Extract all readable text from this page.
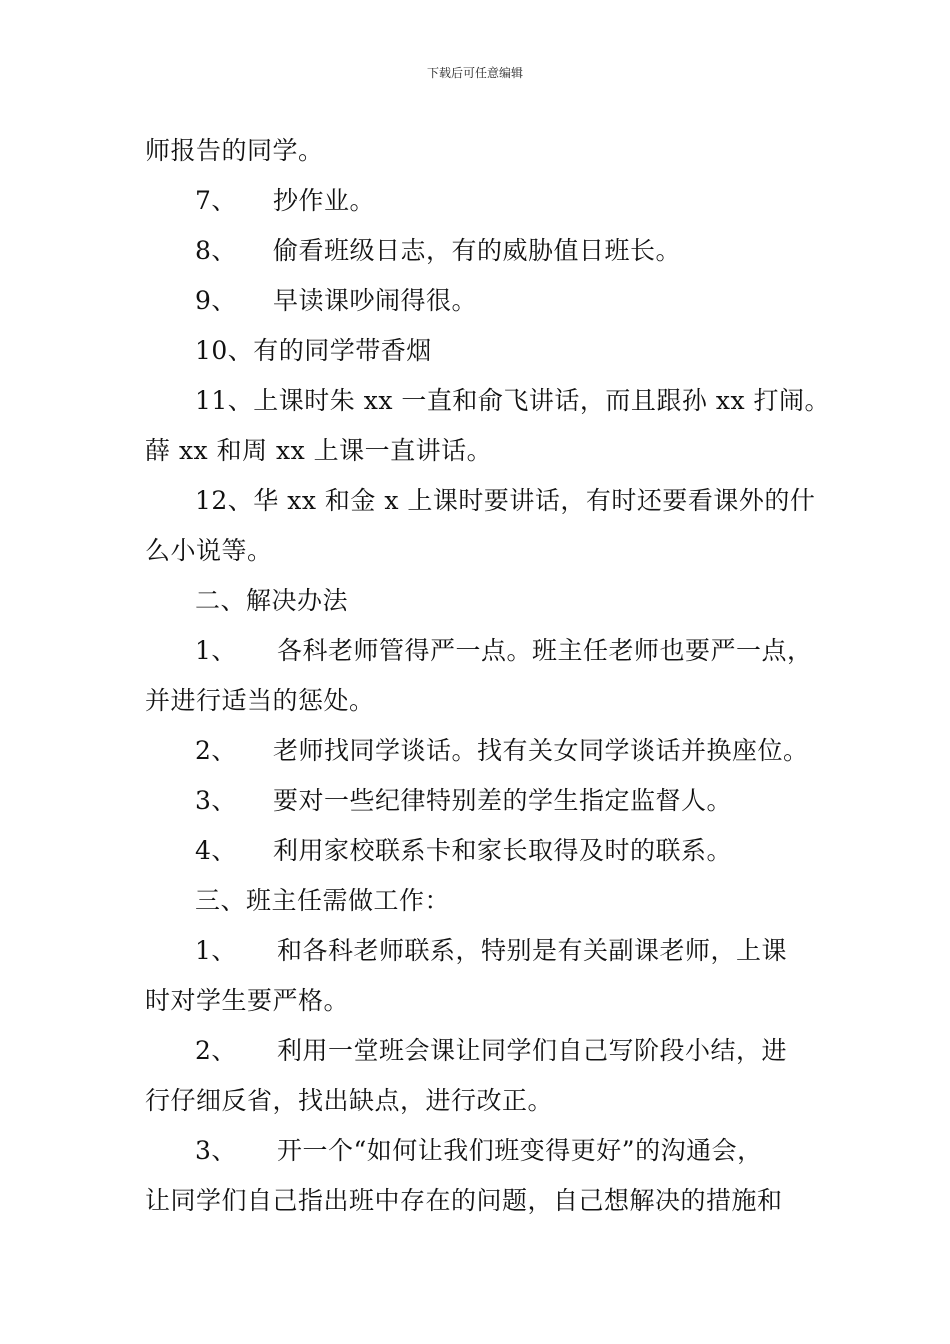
下载后可任意编辑
师报告的同学。
7、 抄作业。
8、 偷看班级日志，有的威胁值日班长。
9、 早读课吵闹得很。
10、有的同学带香烟
11、上课时朱 xx 一直和俞飞讲话，而且跟孙 xx 打闹。
薛 xx 和周 xx 上课一直讲话。
12、华 xx 和金 x 上课时要讲话，有时还要看课外的什
么小说等。
二、解决办法
1、 各科老师管得严一点。班主任老师也要严一点，
并进行适当的惩处。
2、 老师找同学谈话。找有关女同学谈话并换座位。
3、 要对一些纪律特别差的学生指定监督人。
4、 利用家校联系卡和家长取得及时的联系。
三、班主任需做工作：
1、 和各科老师联系，特别是有关副课老师，上课
时对学生要严格。
2、 利用一堂班会课让同学们自己写阶段小结，进
行仔细反省，找出缺点，进行改正。
3、 开一个“如何让我们班变得更好”的沟通会，
让同学们自己指出班中存在的问题，自己想解决的措施和
